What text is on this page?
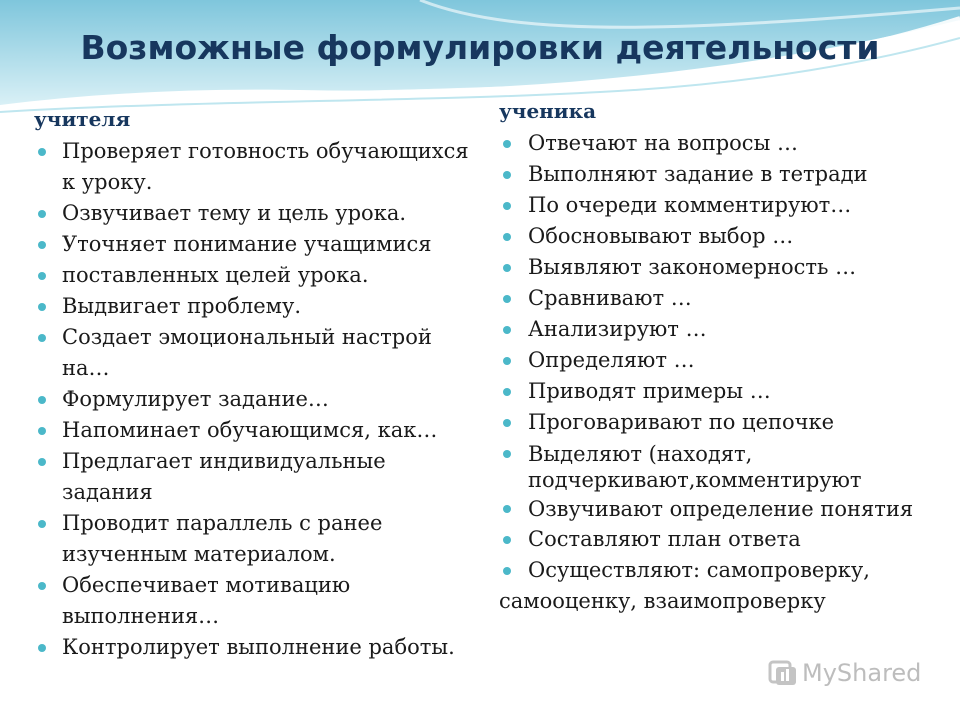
Возможные формулировки деятельности
учителя
Проверяет готовность обучающихся к уроку.
Озвучивает тему и цель урока.
Уточняет понимание учащимися
поставленных целей урока.
Выдвигает проблему.
Создает эмоциональный настрой на…
Формулирует задание…
Напоминает обучающимся, как…
Предлагает индивидуальные задания
Проводит параллель с ранее изученным материалом.
Обеспечивает мотивацию выполнения…
Контролирует выполнение работы.
ученика
Отвечают на вопросы …
Выполняют задание в тетради
По очереди комментируют…
Обосновывают выбор …
Выявляют закономерность …
Сравнивают …
Анализируют …
Определяют …
Приводят примеры …
Проговаривают по цепочке
Выделяют (находят, подчеркивают,комментируют
Озвучивают определение понятия
Составляют план ответа
Осуществляют: самопроверку, самооценку, взаимопроверку
MyShared
